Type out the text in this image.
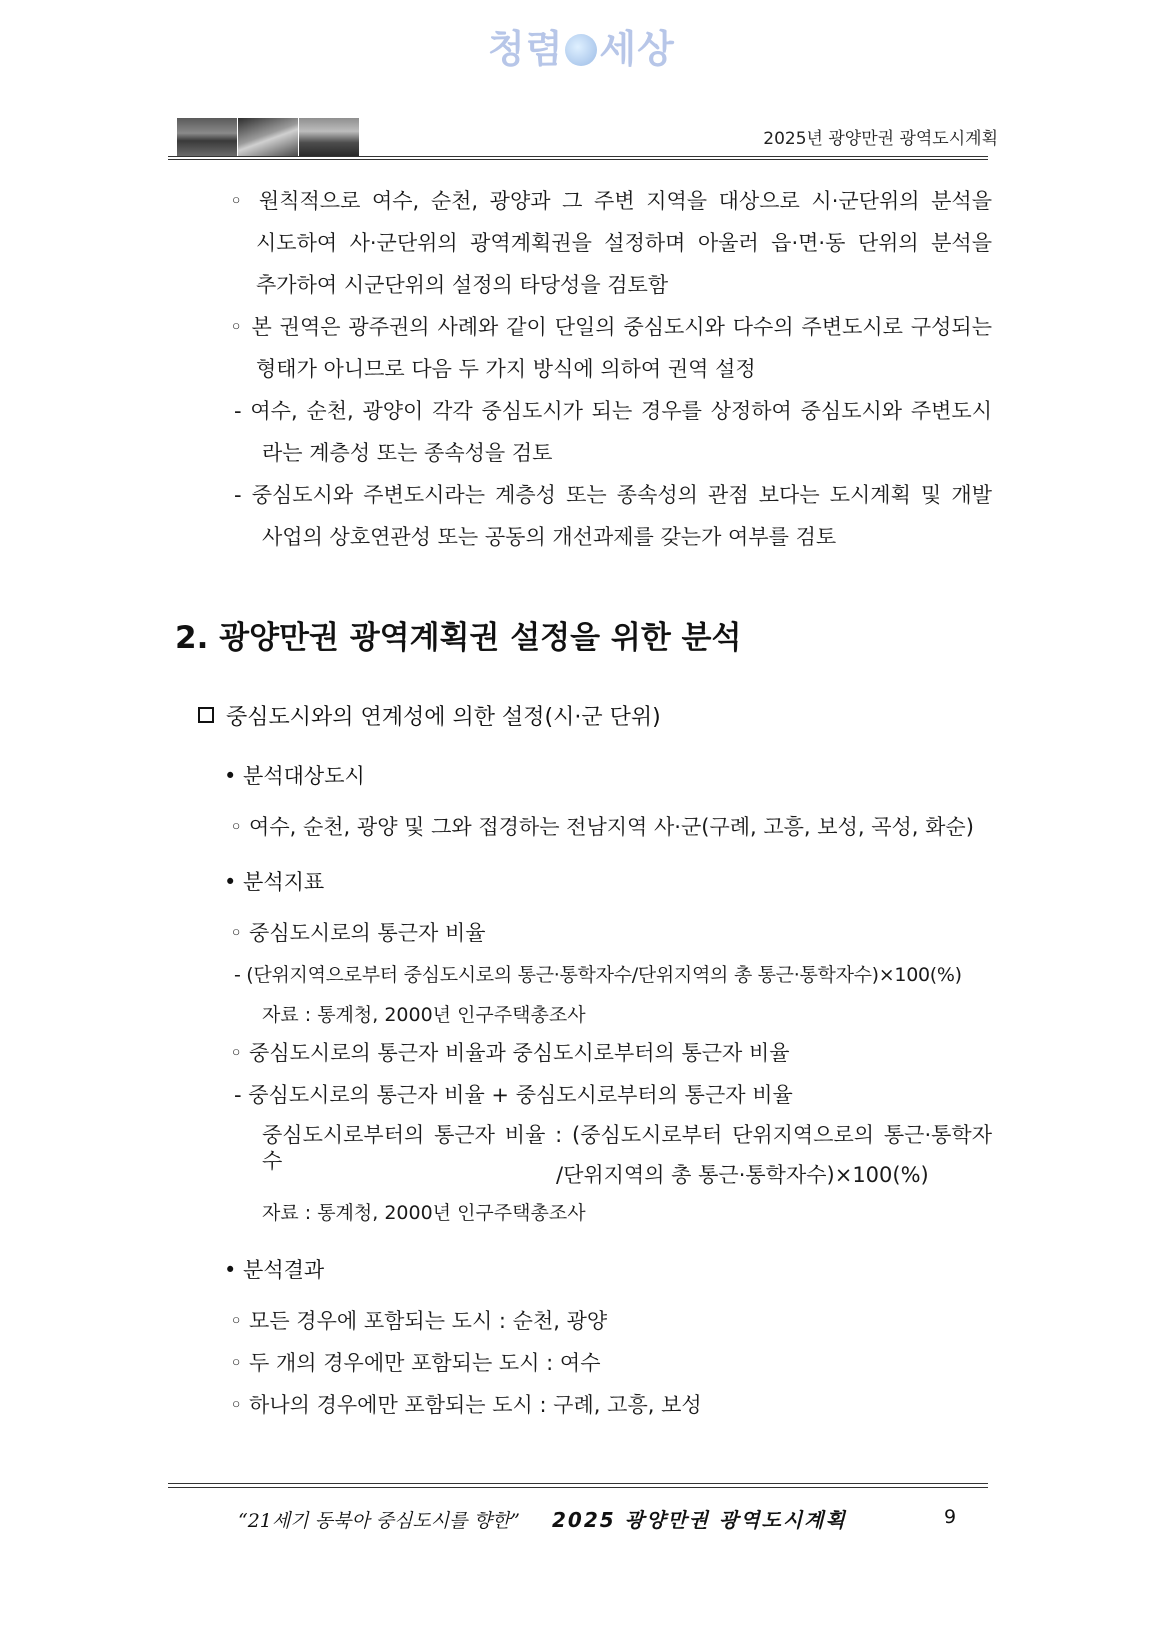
청렴 세상
2025년 광양만권 광역도시계획
◦ 원칙적으로 여수, 순천, 광양과 그 주변 지역을 대상으로 시·군단위의 분석을
시도하여 사·군단위의 광역계획권을 설정하며 아울러 읍·면·동 단위의 분석을
추가하여 시군단위의 설정의 타당성을 검토함
◦ 본 권역은 광주권의 사례와 같이 단일의 중심도시와 다수의 주변도시로 구성되는
형태가 아니므로 다음 두 가지 방식에 의하여 권역 설정
- 여수, 순천, 광양이 각각 중심도시가 되는 경우를 상정하여 중심도시와 주변도시
라는 계층성 또는 종속성을 검토
- 중심도시와 주변도시라는 계층성 또는 종속성의 관점 보다는 도시계획 및 개발
사업의 상호연관성 또는 공동의 개선과제를 갖는가 여부를 검토
2. 광양만권 광역계획권 설정을 위한 분석
중심도시와의 연계성에 의한 설정(시·군 단위)
• 분석대상도시
◦ 여수, 순천, 광양 및 그와 접경하는 전남지역 사·군(구례, 고흥, 보성, 곡성, 화순)
• 분석지표
◦ 중심도시로의 통근자 비율
- (단위지역으로부터 중심도시로의 통근·통학자수/단위지역의 총 통근·통학자수)×100(%)
자료 : 통계청, 2000년 인구주택총조사
◦ 중심도시로의 통근자 비율과 중심도시로부터의 통근자 비율
- 중심도시로의 통근자 비율 + 중심도시로부터의 통근자 비율
중심도시로부터의 통근자 비율 : (중심도시로부터 단위지역으로의 통근·통학자수
/단위지역의 총 통근·통학자수)×100(%)
자료 : 통계청, 2000년 인구주택총조사
• 분석결과
◦ 모든 경우에 포함되는 도시 : 순천, 광양
◦ 두 개의 경우에만 포함되는 도시 : 여수
◦ 하나의 경우에만 포함되는 도시 : 구례, 고흥, 보성
“21세기 동북아 중심도시를 향한” 2025 광양만권 광역도시계획	9
